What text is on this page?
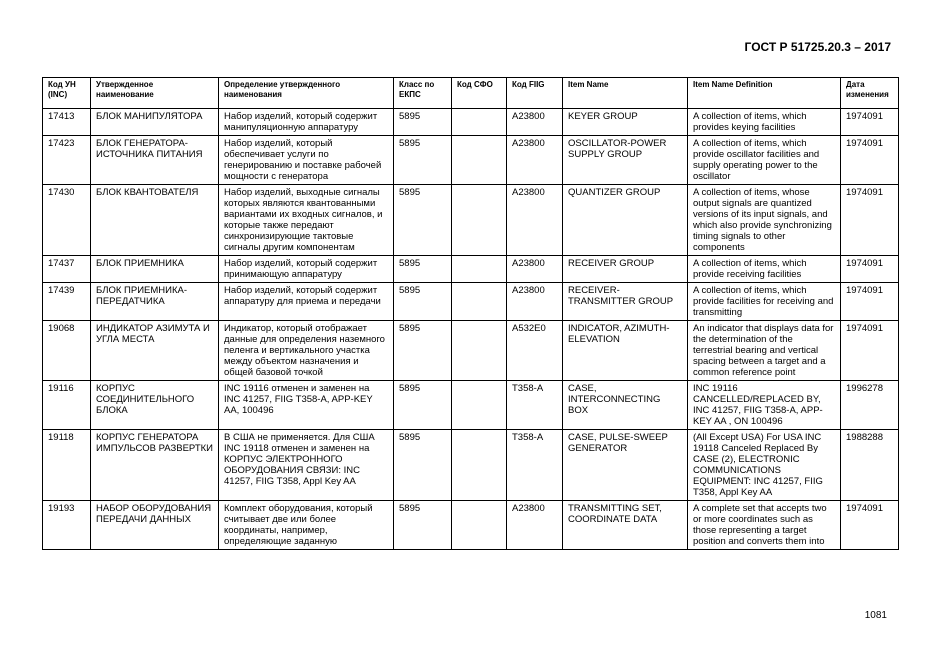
ГОСТ Р 51725.20.3 – 2017
Код УН (INC)	Утвержденное наименование	Определение утвержденного наименования	Класс по ЕКПС	Код СФО	Код FIIG	Item Name	Item Name Definition	Дата изменения
17413	БЛОК МАНИПУЛЯТОРА	Набор изделий, который содержит манипуляционную аппаратуру	5895		A23800	KEYER GROUP	A collection of items, which provides keying facilities	1974091
17423	БЛОК ГЕНЕРАТОРА-ИСТОЧНИКА ПИТАНИЯ	Набор изделий, который обеспечивает услуги по генерированию и поставке рабочей мощности с генератора	5895		A23800	OSCILLATOR-POWER SUPPLY GROUP	A collection of items, which provide oscillator facilities and supply operating power to the oscillator	1974091
17430	БЛОК КВАНТОВАТЕЛЯ	Набор изделий, выходные сигналы которых являются квантованными вариантами их входных сигналов, и которые также передают синхронизирующие тактовые сигналы другим компонентам	5895		A23800	QUANTIZER GROUP	A collection of items, whose output signals are quantized versions of its input signals, and which also provide synchronizing timing signals to other components	1974091
17437	БЛОК ПРИЕМНИКА	Набор изделий, который содержит принимающую аппаратуру	5895		A23800	RECEIVER GROUP	A collection of items, which provide receiving facilities	1974091
17439	БЛОК ПРИЕМНИКА-ПЕРЕДАТЧИКА	Набор изделий, который содержит аппаратуру для приема и передачи	5895		A23800	RECEIVER-TRANSMITTER GROUP	A collection of items, which provide facilities for receiving and transmitting	1974091
19068	ИНДИКАТОР АЗИМУТА И УГЛА МЕСТА	Индикатор, который отображает данные для определения наземного пеленга и вертикального участка между объектом назначения и общей базовой точкой	5895		A532E0	INDICATOR, AZIMUTH-ELEVATION	An indicator that displays data for the determination of the terrestrial bearing and vertical spacing between a target and a common reference point	1974091
19116	КОРПУС СОЕДИНИТЕЛЬНОГО БЛОКА	INC 19116 отменен и заменен на INC 41257, FIIG T358-A, APP-KEY AA, 100496	5895		T358-A	CASE, INTERCONNECTING BOX	INC 19116 CANCELLED/REPLACED BY, INC 41257, FIIG T358-A, APP-KEY AA , ON 100496	1996278
19118	КОРПУС ГЕНЕРАТОРА ИМПУЛЬСОВ РАЗВЕРТКИ	В США не применяется. Для США INC 19118 отменен и заменен на КОРПУС ЭЛЕКТРОННОГО ОБОРУДОВАНИЯ СВЯЗИ: INC 41257, FIIG T358, Appl Key AA	5895		T358-A	CASE, PULSE-SWEEP GENERATOR	(All Except USA) For USA INC 19118 Canceled Replaced By CASE (2), ELECTRONIC COMMUNICATIONS EQUIPMENT: INC 41257, FIIG T358, Appl Key AA	1988288
19193	НАБОР ОБОРУДОВАНИЯ ПЕРЕДАЧИ ДАННЫХ	Комплект оборудования, который считывает две или более координаты, например, определяющие заданную	5895		A23800	TRANSMITTING SET, COORDINATE DATA	A complete set that accepts two or more coordinates such as those representing a target position and converts them into	1974091
1081
